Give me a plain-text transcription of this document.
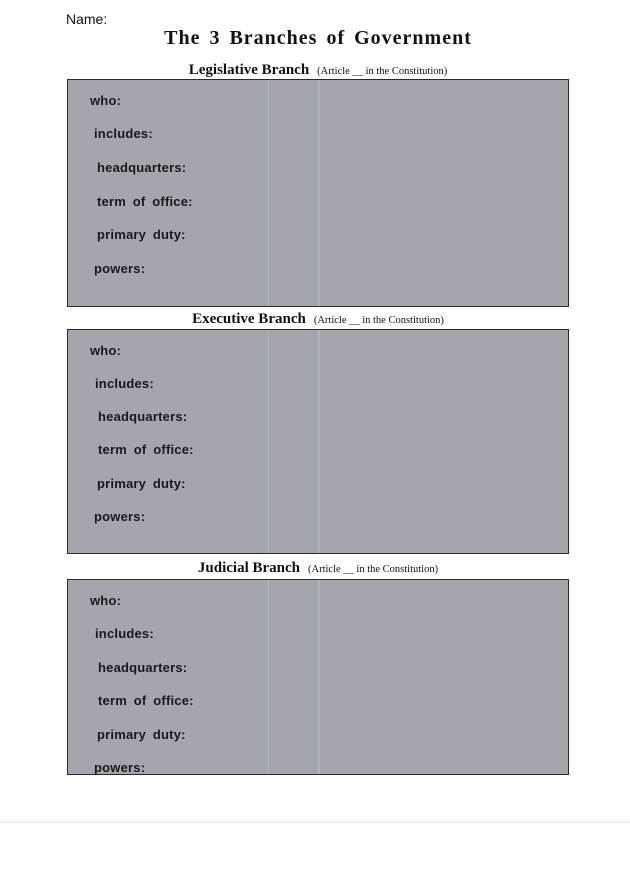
Name:
The 3 Branches of Government
Legislative Branch (Article __ in the Constitution)
who:
includes:
headquarters:
term of office:
primary duty:
powers:
Executive Branch (Article __ in the Constitution)
who:
includes:
headquarters:
term of office:
primary duty:
powers:
Judicial Branch (Article __ in the Constitution)
who:
includes:
headquarters:
term of office:
primary duty:
powers:
